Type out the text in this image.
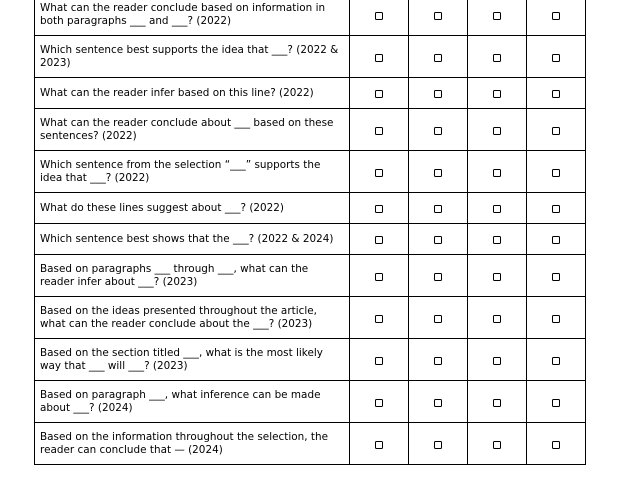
What can the reader conclude based on information in both paragraphs ___ and ___? (2022)				
Which sentence best supports the idea that ___? (2022 & 2023)				
What can the reader infer based on this line? (2022)				
What can the reader conclude about ___ based on these sentences? (2022)				
Which sentence from the selection “___” supports the idea that ___? (2022)				
What do these lines suggest about ___? (2022)				
Which sentence best shows that the ___? (2022 & 2024)				
Based on paragraphs ___ through ___, what can the reader infer about ___? (2023)				
Based on the ideas presented throughout the article, what can the reader conclude about the ___? (2023)				
Based on the section titled ___, what is the most likely way that ___ will ___? (2023)				
Based on paragraph ___, what inference can be made about ___? (2024)				
Based on the information throughout the selection, the reader can conclude that — (2024)				
